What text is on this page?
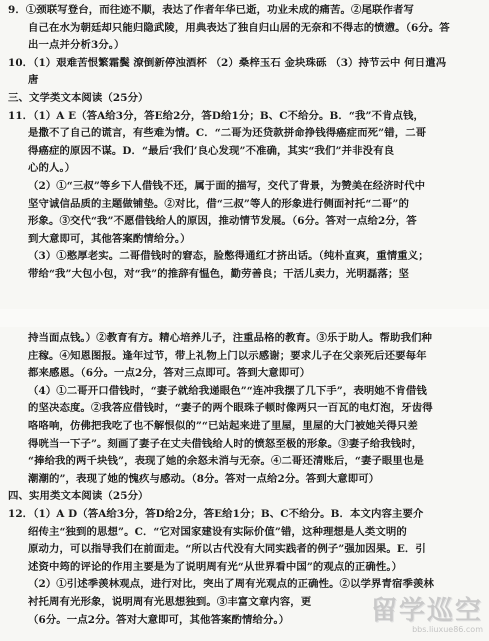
9．①颈联写登台，而往迹不顺，表达了作者年华已逝，功业未成的痛苦。②尾联作者写

自己在水为朝廷却只能归隐武陵，用典表达了独自归山居的无奈和不得志的愤懑。（6分。答

出一点并分析3分。）

10．（1）艰难苦恨繁霜鬓 潦倒新停浊酒杯 （2）桑梓玉石 金块珠砾 （3）持节云中 何日遣冯

唐

三、文学类文本阅读（25分）

11．（1）A E（答A给3分，答E给2分，答D给1分；B、C不给分。B．“我”不肯点钱，

是撒不了自己的谎言，有些难为情。C．“二哥为还贷款拼命挣钱得癌症而死”错，二哥

得癌症的原因不谋。D．“最后‘我们’良心发现”不准确，其实“我们”并非没有良

心的人。）

（2）①“三叔”等乡下人借钱不还，属于面的描写，交代了背景，为赞美在经济时代中

坚守诚信品质的主题做铺垫。②对比，借“三叔”等人的形象进行侧面衬托“二哥”的

形象。③交代“我”不愿借钱给人的原因，推动情节发展。（6分。答对一点给2分，答

到大意即可，其他答案酌情给分。）

（3）①憨厚老实。二哥借钱时的窘态，脸憋得通红才挤出话。（纯朴直爽，重情重义；

带给“我”大包小包，对“我”的推辞有愠色，勤劳善良；干活儿卖力，光明磊落；坚

持当面点钱。）②教育有方。精心培养儿子，注重品格的教育。③乐于助人。帮助我们种

庄稼。④知恩图报。逢年过节，带上礼物上门以示感谢；要求儿子在父亲死后还要每年

都来感恩。（6分。一点2分，答对三点即可。答到大意即可）

（4）①二哥开口借钱时，“妻子就给我递眼色”“连冲我摆了几下手”，表明她不肯借钱

的坚决态度。②我答应借钱时，“妻子的两个眼珠子顿时像两只一百瓦的电灯泡，牙齿得

咯咯响，仿佛把我吃了也不解恨似的”“已站起来进了里屋，里屋的大门被她关得只差

得咣当一下子”。刻画了妻子在丈夫借钱给人时的愤怒至极的形象。③妻子给我钱时，

“捧给我的两千块钱”，表现了她的余怒未消与无奈。④二哥还清账后，“妻子眼里也是

潮潮的”，表现了她的愧疚与感动。（8分。答对一点给2分。答到大意即可）

四、实用类文本阅读（25分）

12．（1）A D（答A给3分，答D给2分，答E给1分；B、C不给分。B．本文内容主要介

绍传主“独到的思想”。C．“它对国家建设有实际价值”错，这种理想是人类文明的

原动力，可以指导我们在前面走。“所以古代没有大同实践者的例子”强加因果。E．引

述资中筠的评论的作用主要是为了说明周有光“从世界看中国”的观点的正确性。）

（2）①引述季羡林观点，进行对比，突出了周有光观点的正确性。②以学界青宿季羡林

衬托周有光形象，说明周有光思想独到。③丰富文章内容，更

（6分。一点2分。答对大意即可，其他答案酌情给分。）	留学巡空
bbs.liuxue86.com
